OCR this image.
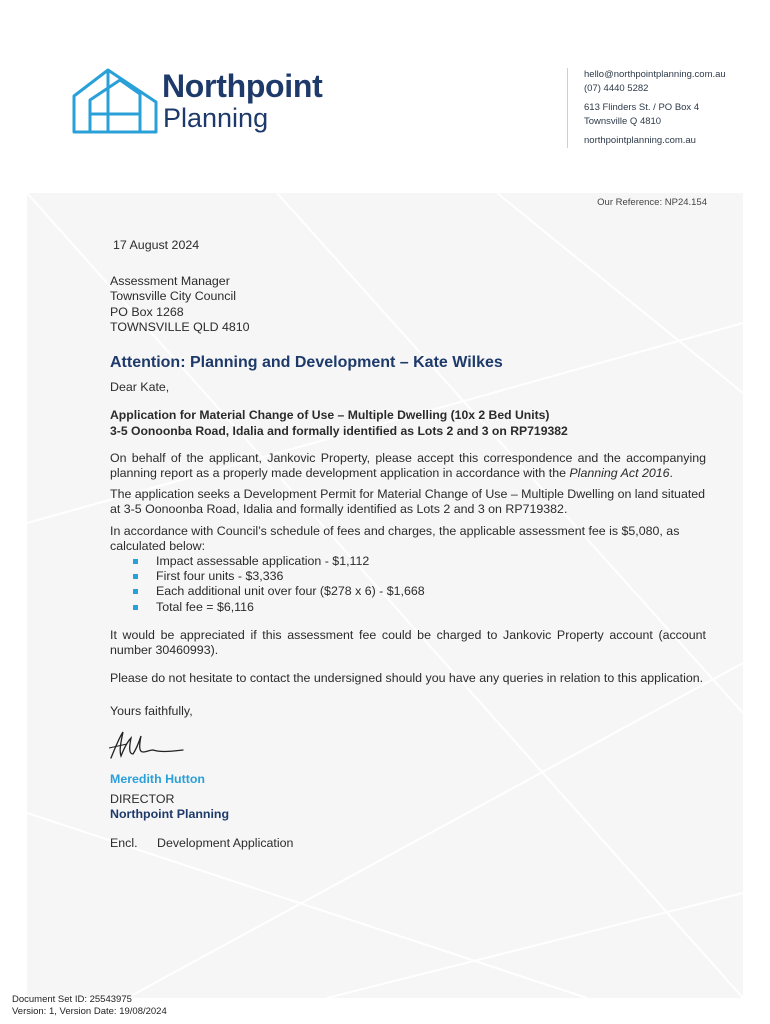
Northpoint
Planning
hello@northpointplanning.com.au
(07) 4440 5282
613 Flinders St. / PO Box 4
Townsville Q 4810
northpointplanning.com.au
Our Reference: NP24.154
17 August 2024
Assessment Manager
Townsville City Council
PO Box 1268
TOWNSVILLE QLD 4810
Attention: Planning and Development – Kate Wilkes
Dear Kate,
Application for Material Change of Use – Multiple Dwelling (10x 2 Bed Units)
3-5 Oonoonba Road, Idalia and formally identified as Lots 2 and 3 on RP719382
On behalf of the applicant, Jankovic Property, please accept this correspondence and the accompanying planning report as a properly made development application in accordance with the Planning Act 2016.
The application seeks a Development Permit for Material Change of Use – Multiple Dwelling on land situated at 3-5 Oonoonba Road, Idalia and formally identified as Lots 2 and 3 on RP719382.
In accordance with Council’s schedule of fees and charges, the applicable assessment fee is $5,080, as calculated below:
Impact assessable application - $1,112
First four units - $3,336
Each additional unit over four ($278 x 6) - $1,668
Total fee = $6,116
It would be appreciated if this assessment fee could be charged to Jankovic Property account (account number 30460993).
Please do not hesitate to contact the undersigned should you have any queries in relation to this application.
Yours faithfully,
Meredith Hutton
DIRECTOR
Northpoint Planning
Encl. Development Application
Document Set ID: 25543975
Version: 1, Version Date: 19/08/2024
